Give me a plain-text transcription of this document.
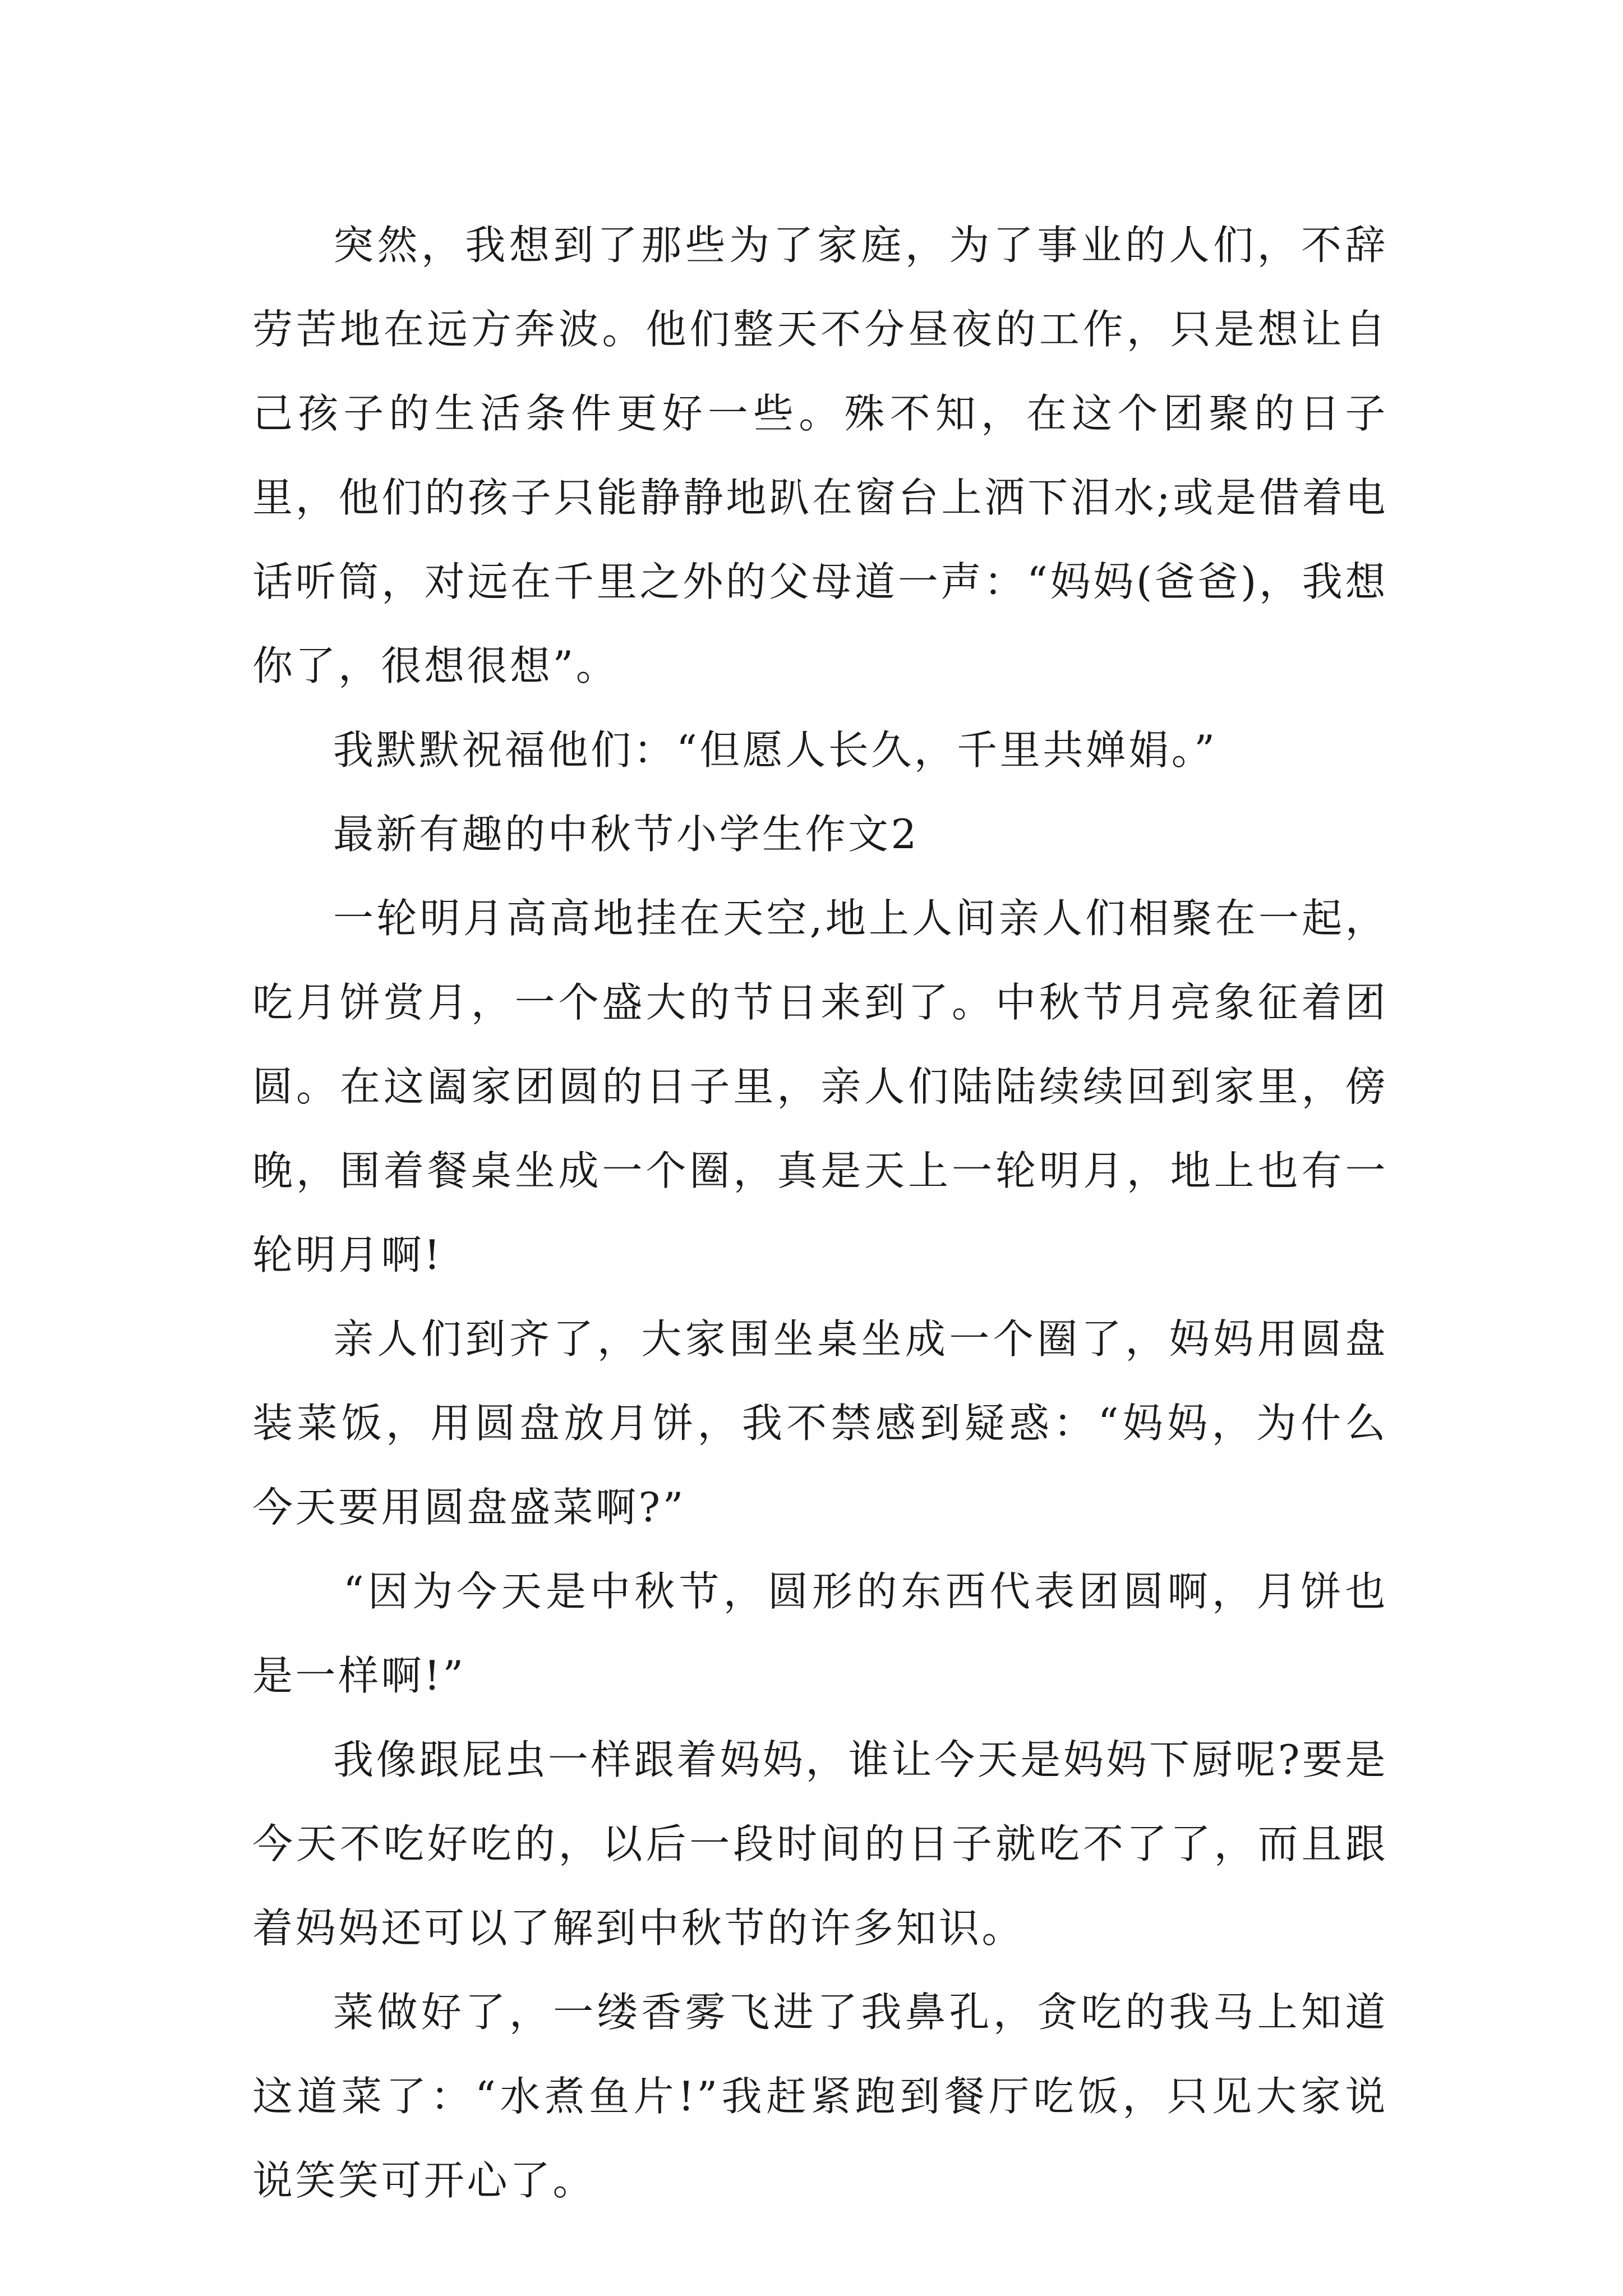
突然，我想到了那些为了家庭，为了事业的人们，不辞劳苦地在远方奔波。他们整天不分昼夜的工作，只是想让自己孩子的生活条件更好一些。殊不知，在这个团聚的日子里，他们的孩子只能静静地趴在窗台上洒下泪水;或是借着电话听筒，对远在千里之外的父母道一声：“妈妈(爸爸)，我想你了，很想很想”。

我默默祝福他们：“但愿人长久，千里共婵娟。”

最新有趣的中秋节小学生作文2

一轮明月高高地挂在天空,地上人间亲人们相聚在一起，吃月饼赏月，一个盛大的节日来到了。中秋节月亮象征着团圆。在这阖家团圆的日子里，亲人们陆陆续续回到家里，傍晚，围着餐桌坐成一个圈，真是天上一轮明月，地上也有一轮明月啊!

亲人们到齐了，大家围坐桌坐成一个圈了，妈妈用圆盘装菜饭，用圆盘放月饼，我不禁感到疑惑：“妈妈，为什么今天要用圆盘盛菜啊?”

“因为今天是中秋节，圆形的东西代表团圆啊，月饼也是一样啊!”

我像跟屁虫一样跟着妈妈，谁让今天是妈妈下厨呢?要是今天不吃好吃的，以后一段时间的日子就吃不了了，而且跟着妈妈还可以了解到中秋节的许多知识。

菜做好了，一缕香雾飞进了我鼻孔，贪吃的我马上知道这道菜了：“水煮鱼片!”我赶紧跑到餐厅吃饭，只见大家说说笑笑可开心了。
